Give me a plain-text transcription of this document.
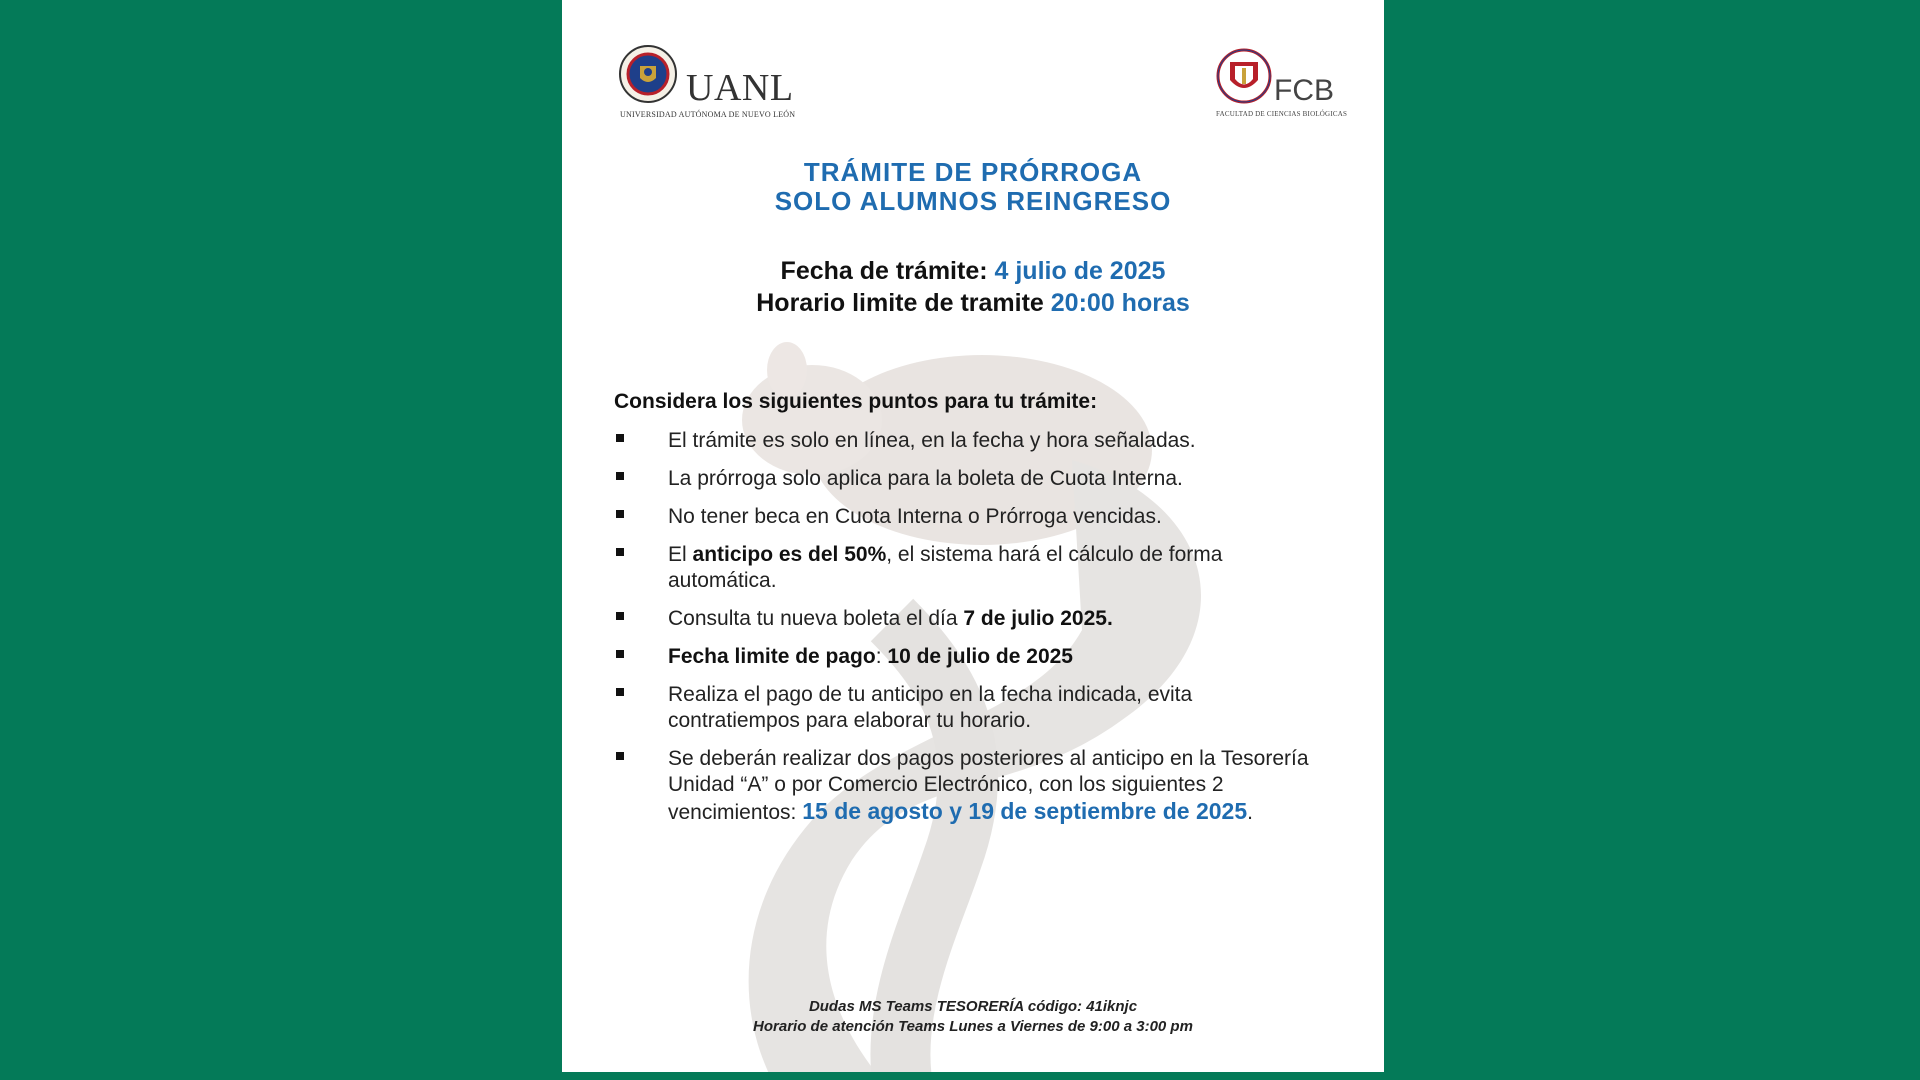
UANL
UNIVERSIDAD AUTÓNOMA DE NUEVO LEÓN
FCB
FACULTAD DE CIENCIAS BIOLÓGICAS
TRÁMITE DE PRÓRROGA
SOLO ALUMNOS REINGRESO
Fecha de trámite: 4 julio de 2025
Horario limite de tramite 20:00 horas
Considera los siguientes puntos para tu trámite:
El trámite es solo en línea, en la fecha y hora señaladas.
La prórroga solo aplica para la boleta de Cuota Interna.
No tener beca en Cuota Interna o Prórroga vencidas.
El anticipo es del 50%, el sistema hará el cálculo de forma automática.
Consulta tu nueva boleta el día 7 de julio 2025.
Fecha limite de pago: 10 de julio de 2025
Realiza el pago de tu anticipo en la fecha indicada, evita contratiempos para elaborar tu horario.
Se deberán realizar dos pagos posteriores al anticipo en la Tesorería Unidad “A” o por Comercio Electrónico, con los siguientes 2 vencimientos: 15 de agosto y 19 de septiembre de 2025.
Dudas MS Teams TESORERÍA código: 41iknjc
Horario de atención Teams Lunes a Viernes de 9:00 a 3:00 pm
